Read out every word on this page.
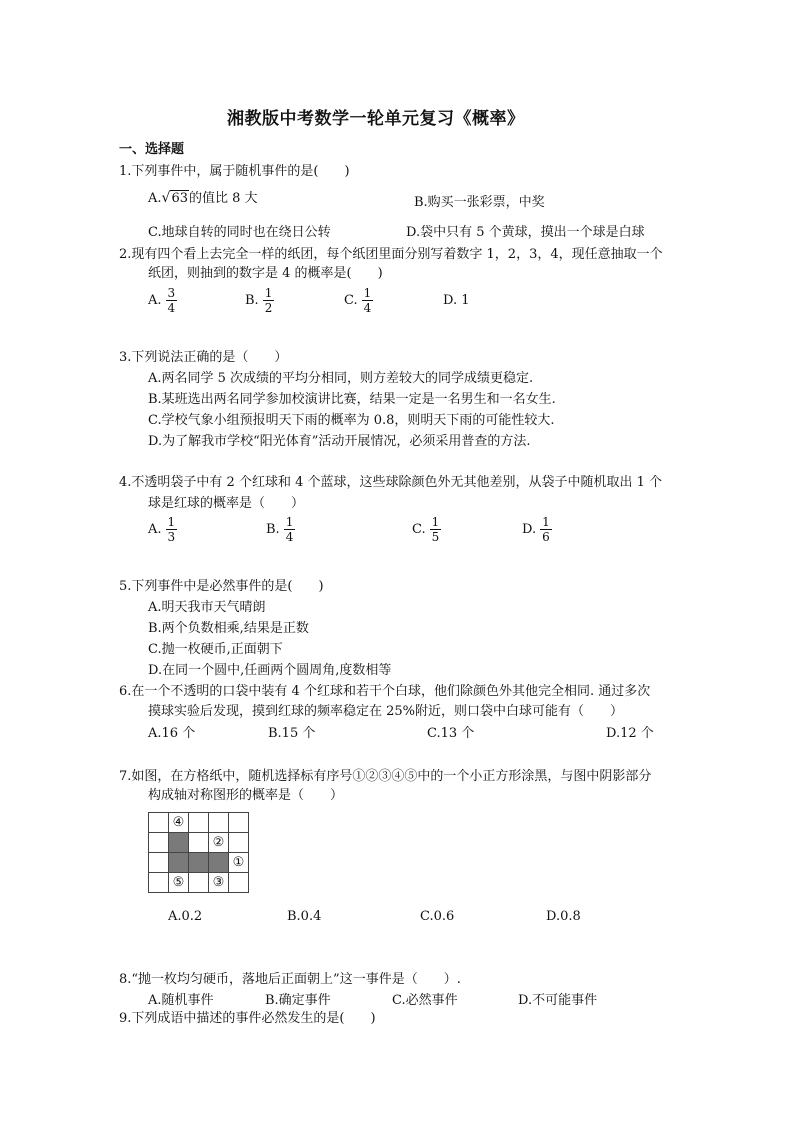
湘教版中考数学一轮单元复习《概率》
一、选择题
1.下列事件中，属于随机事件的是(　　)
A.√63的值比 8 大	B.购买一张彩票，中奖
C.地球自转的同时也在绕日公转	D.袋中只有 5 个黄球，摸出一个球是白球
2.现有四个看上去完全一样的纸团，每个纸团里面分别写着数字 1，2，3，4，现任意抽取一个
纸团，则抽到的数字是 4 的概率是(　　)
A. $\frac{3}{4}$	B. $\frac{1}{2}$	C. $\frac{1}{4}$	D. 1
3.下列说法正确的是（　　）
A.两名同学 5 次成绩的平均分相同，则方差较大的同学成绩更稳定.
B.某班选出两名同学参加校演讲比赛，结果一定是一名男生和一名女生.
C.学校气象小组预报明天下雨的概率为 0.8，则明天下雨的可能性较大.
D.为了解我市学校“阳光体育”活动开展情况，必须采用普查的方法.
4.不透明袋子中有 2 个红球和 4 个蓝球，这些球除颜色外无其他差别，从袋子中随机取出 1 个
球是红球的概率是（　　）
A. $\frac{1}{3}$	B. $\frac{1}{4}$	C. $\frac{1}{5}$	D. $\frac{1}{6}$
5.下列事件中是必然事件的是(　　)
A.明天我市天气晴朗
B.两个负数相乘,结果是正数
C.抛一枚硬币,正面朝下
D.在同一个圆中,任画两个圆周角,度数相等
6.在一个不透明的口袋中装有 4 个红球和若干个白球，他们除颜色外其他完全相同. 通过多次
摸球实验后发现，摸到红球的频率稳定在 25%附近，则口袋中白球可能有（　　）
A.16 个	B.15 个	C.13 个	D.12 个
7.如图，在方格纸中，随机选择标有序号①②③④⑤中的一个小正方形涂黑，与图中阴影部分
构成轴对称图形的概率是（　　）
	④			
			②	
				①
	⑤		③	
A.0.2	B.0.4	C.0.6	D.0.8
8.“抛一枚均匀硬币，落地后正面朝上”这一事件是（　　）.
A.随机事件	B.确定事件	C.必然事件	D.不可能事件
9.下列成语中描述的事件必然发生的是(　　)
